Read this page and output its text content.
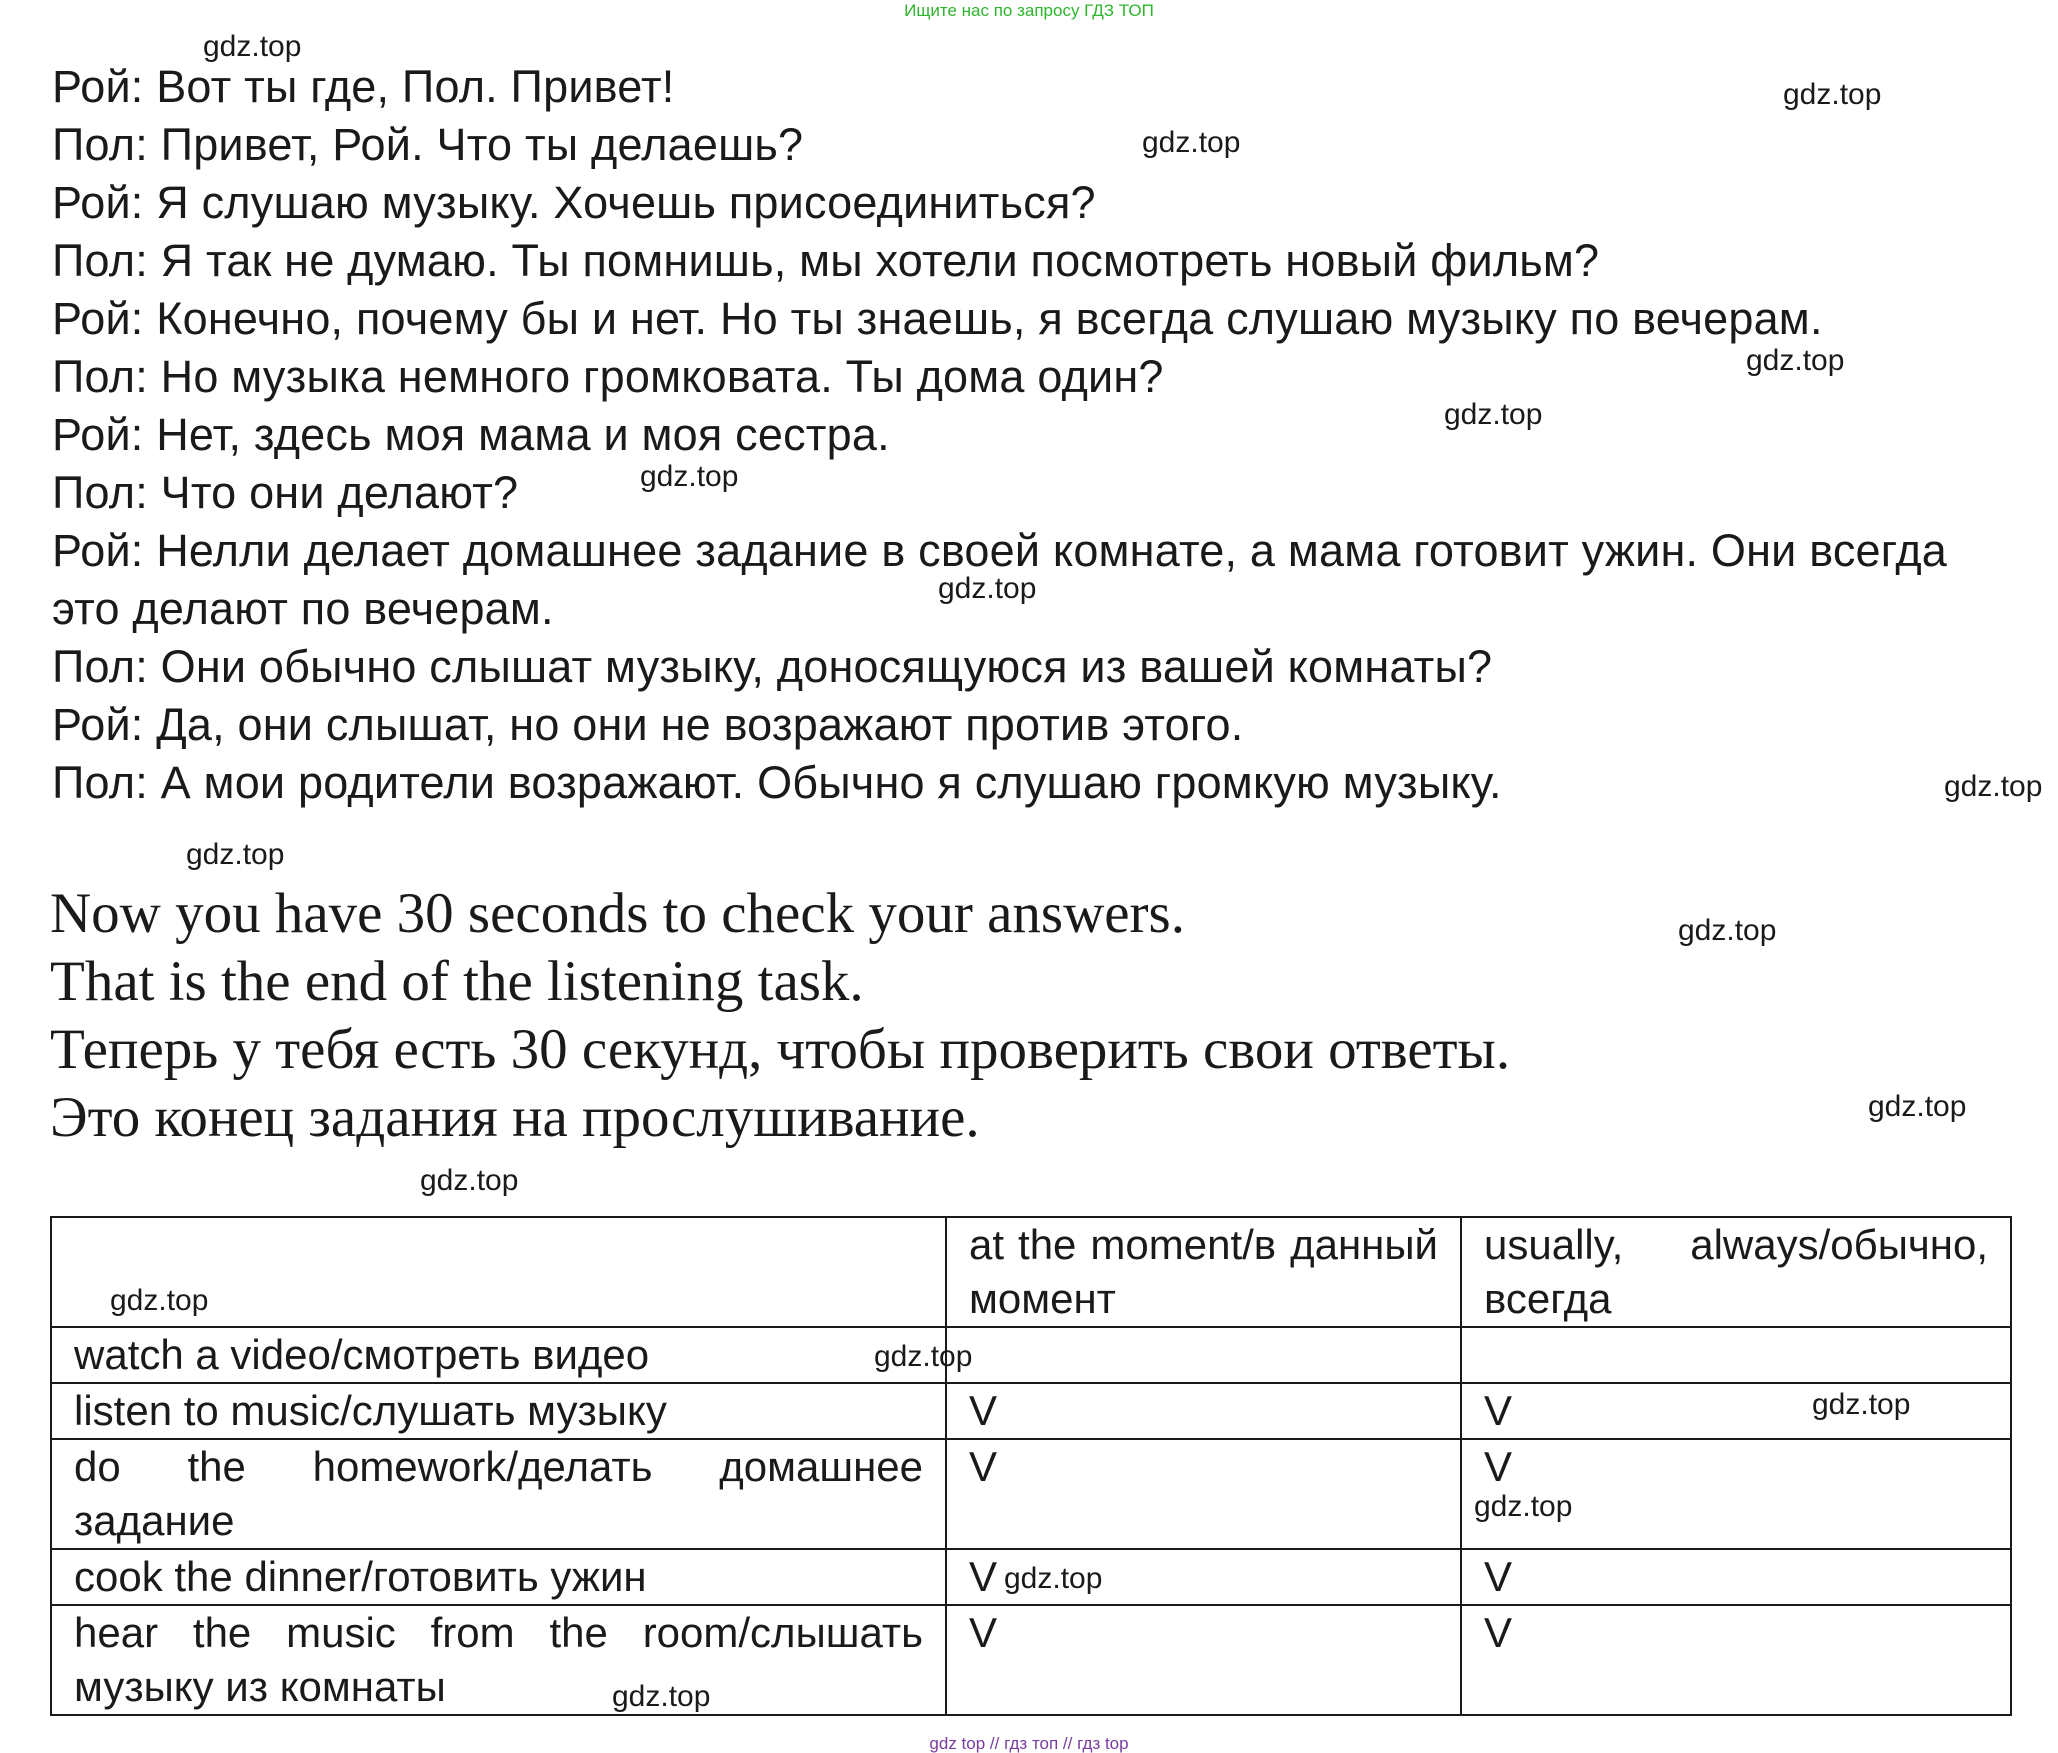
Ищите нас по запросу ГДЗ ТОП
Рой: Вот ты где, Пол. Привет!
Пол: Привет, Рой. Что ты делаешь?
Рой: Я слушаю музыку. Хочешь присоединиться?
Пол: Я так не думаю. Ты помнишь, мы хотели посмотреть новый фильм?
Рой: Конечно, почему бы и нет. Но ты знаешь, я всегда слушаю музыку по вечерам.
Пол: Но музыка немного громковата. Ты дома один?
Рой: Нет, здесь моя мама и моя сестра.
Пол: Что они делают?
Рой: Нелли делает домашнее задание в своей комнате, а мама готовит ужин. Они всегда это делают по вечерам.
Пол: Они обычно слышат музыку, доносящуюся из вашей комнаты?
Рой: Да, они слышат, но они не возражают против этого.
Пол: А мои родители возражают. Обычно я слушаю громкую музыку.
Now you have 30 seconds to check your answers.
That is the end of the listening task.
Теперь у тебя есть 30 секунд, чтобы проверить свои ответы.
Это конец задания на прослушивание.
	at the moment/в данный момент	usually, always/обычно, всегда
watch a video/смотреть видео		
listen to music/слушать музыку	V	V
do the homework/делать домашнее задание	V	V
cook the dinner/готовить ужин	V	V
hear the music from the room/слышать музыку из комнаты	V	V
gdz.top
gdz.top
gdz.top
gdz.top
gdz.top
gdz.top
gdz.top
gdz.top
gdz.top
gdz.top
gdz.top
gdz.top
gdz.top
gdz.top
gdz.top
gdz.top
gdz.top
gdz.top
gdz top // гдз топ // гдз top
